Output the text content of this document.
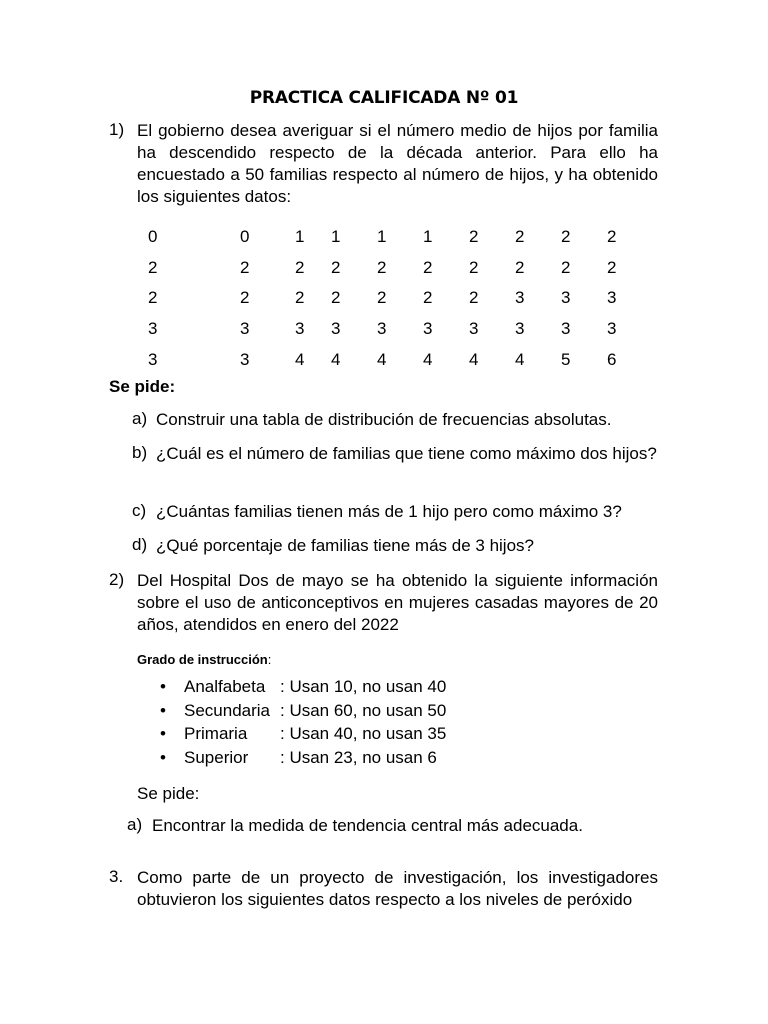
PRACTICA CALIFICADA Nº 01
1) El gobierno desea averiguar si el número medio de hijos por familia ha descendido respecto de la década anterior. Para ello ha encuestado a 50 familias respecto al número de hijos, y ha obtenido los siguientes datos:
0	0	1	1	1	1	2	2	2	2
2	2	2	2	2	2	2	2	2	2
2	2	2	2	2	2	2	3	3	3
3	3	3	3	3	3	3	3	3	3
3	3	4	4	4	4	4	4	5	6
Se pide:
a) Construir una tabla de distribución de frecuencias absolutas.
b) ¿Cuál es el número de familias que tiene como máximo dos hijos?
c) ¿Cuántas familias tienen más de 1 hijo pero como máximo 3?
d) ¿Qué porcentaje de familias tiene más de 3 hijos?
2) Del Hospital Dos de mayo se ha obtenido la siguiente información sobre el uso de anticonceptivos en mujeres casadas mayores de 20 años, atendidos en enero del 2022
Grado de instrucción:
• Analfabeta : Usan 10, no usan 40
• Secundaria : Usan 60, no usan 50
• Primaria : Usan 40, no usan 35
• Superior : Usan 23, no usan 6
Se pide:
a) Encontrar la medida de tendencia central más adecuada.
3. Como parte de un proyecto de investigación, los investigadores obtuvieron los siguientes datos respecto a los niveles de peróxido
